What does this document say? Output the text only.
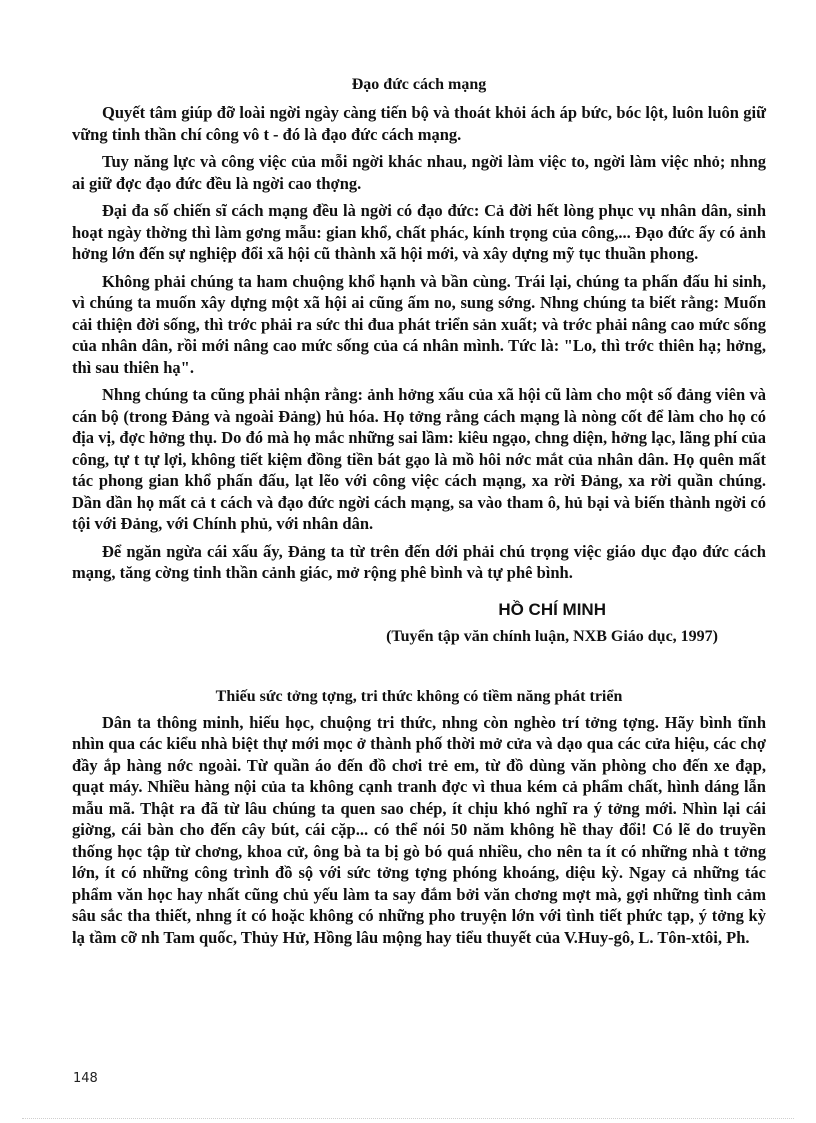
Đạo đức cách mạng

Quyết tâm giúp đỡ loài ngời ngày càng tiến bộ và thoát khỏi ách áp bức, bóc lột, luôn luôn giữ vững tinh thần chí công vô t - đó là đạo đức cách mạng.

Tuy năng lực và công việc của mỗi ngời khác nhau, ngời làm việc to, ngời làm việc nhỏ; nhng ai giữ đợc đạo đức đều là ngời cao thợng.

Đại đa số chiến sĩ cách mạng đều là ngời có đạo đức: Cả đời hết lòng phục vụ nhân dân, sinh hoạt ngày thờng thì làm gơng mẫu: gian khổ, chất phác, kính trọng của công,... Đạo đức ấy có ảnh hởng lớn đến sự nghiệp đổi xã hội cũ thành xã hội mới, và xây dựng mỹ tục thuần phong.

Không phải chúng ta ham chuộng khổ hạnh và bần cùng. Trái lại, chúng ta phấn đấu hi sinh, vì chúng ta muốn xây dựng một xã hội ai cũng ấm no, sung sớng. Nhng chúng ta biết rằng: Muốn cải thiện đời sống, thì trớc phải ra sức thi đua phát triển sản xuất; và trớc phải nâng cao mức sống của nhân dân, rồi mới nâng cao mức sống của cá nhân mình. Tức là: "Lo, thì trớc thiên hạ; hởng, thì sau thiên hạ".

Nhng chúng ta cũng phải nhận rằng: ảnh hởng xấu của xã hội cũ làm cho một số đảng viên và cán bộ (trong Đảng và ngoài Đảng) hủ hóa. Họ tởng rằng cách mạng là nòng cốt để làm cho họ có địa vị, đợc hởng thụ. Do đó mà họ mắc những sai lầm: kiêu ngạo, chng diện, hởng lạc, lãng phí của công, tự t tự lợi, không tiết kiệm đồng tiền bát gạo là mồ hôi nớc mắt của nhân dân. Họ quên mất tác phong gian khổ phấn đấu, lạt lẽo với công việc cách mạng, xa rời Đảng, xa rời quần chúng. Dần dần họ mất cả t cách và đạo đức ngời cách mạng, sa vào tham ô, hủ bại và biến thành ngời có tội với Đảng, với Chính phủ, với nhân dân.

Để ngăn ngừa cái xấu ấy, Đảng ta từ trên đến dới phải chú trọng việc giáo dục đạo đức cách mạng, tăng cờng tinh thần cảnh giác, mở rộng phê bình và tự phê bình.

HỒ CHÍ MINH
(Tuyển tập văn chính luận, NXB Giáo dục, 1997)
Thiếu sức tởng tợng, tri thức không có tiềm năng phát triển

Dân ta thông minh, hiếu học, chuộng tri thức, nhng còn nghèo trí tởng tợng. Hãy bình tĩnh nhìn qua các kiểu nhà biệt thự mới mọc ở thành phố thời mở cửa và dạo qua các cửa hiệu, các chợ đầy ắp hàng nớc ngoài. Từ quần áo đến đồ chơi trẻ em, từ đồ dùng văn phòng cho đến xe đạp, quạt máy. Nhiều hàng nội của ta không cạnh tranh đợc vì thua kém cả phẩm chất, hình dáng lẫn mẫu mã. Thật ra đã từ lâu chúng ta quen sao chép, ít chịu khó nghĩ ra ý tởng mới. Nhìn lại cái giờng, cái bàn cho đến cây bút, cái cặp... có thể nói 50 năm không hề thay đổi! Có lẽ do truyền thống học tập từ chơng, khoa cử, ông bà ta bị gò bó quá nhiều, cho nên ta ít có những nhà t tởng lớn, ít có những công trình đồ sộ với sức tởng tợng phóng khoáng, diệu kỳ. Ngay cả những tác phẩm văn học hay nhất cũng chủ yếu làm ta say đắm bởi văn chơng mợt mà, gợi những tình cảm sâu sắc tha thiết, nhng ít có hoặc không có những pho truyện lớn với tình tiết phức tạp, ý tởng kỳ lạ tầm cỡ nh Tam quốc, Thủy Hử, Hồng lâu mộng hay tiểu thuyết của V.Huy-gô, L. Tôn-xtôi, Ph.

148
